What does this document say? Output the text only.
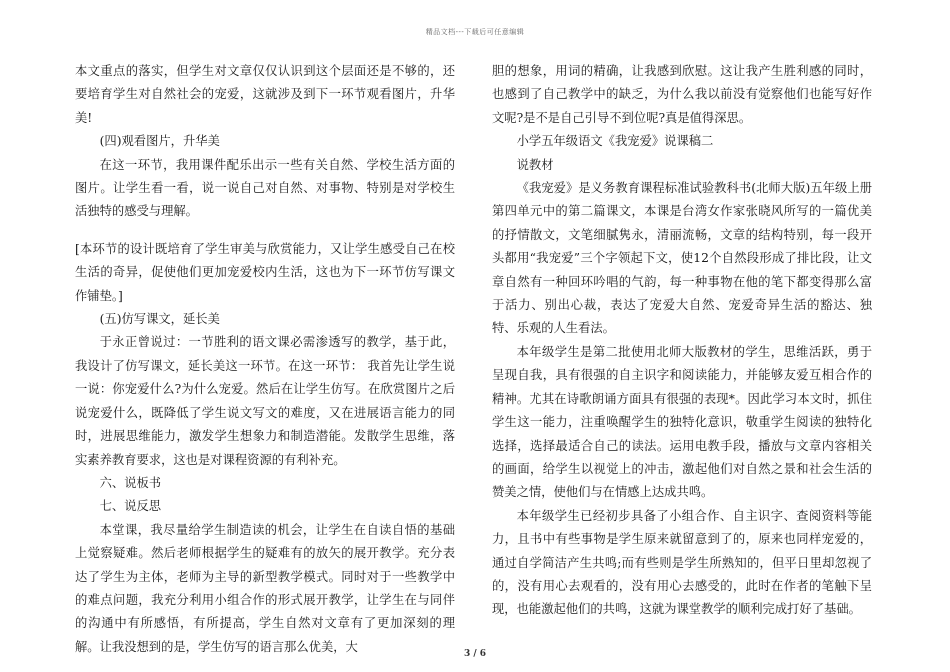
精品文档---下载后可任意编辑

本文重点的落实，但学生对文章仅仅认识到这个层面还是不够的，还要培育学生对自然社会的宠爱，这就涉及到下一环节观看图片，升华美!

(四)观看图片，升华美

在这一环节，我用课件配乐出示一些有关自然、学校生活方面的图片。让学生看一看，说一说自己对自然、对事物、特别是对学校生活独特的感受与理解。

[本环节的设计既培育了学生审美与欣赏能力，又让学生感受自己在校生活的奇异，促使他们更加宠爱校内生活，这也为下一环节仿写课文作铺垫。]

(五)仿写课文，延长美

于永正曾说过：一节胜利的语文课必需渗透写的教学，基于此，我设计了仿写课文，延长美这一环节。在这一环节： 我首先让学生说一说：你宠爱什么?为什么宠爱。然后在让学生仿写。在欣赏图片之后说宠爱什么，既降低了学生说文写文的难度，又在进展语言能力的同时，进展思维能力，激发学生想象力和制造潜能。发散学生思维，落实素养教育要求，这也是对课程资源的有利补充。

六、说板书

七、说反思

本堂课，我尽量给学生制造读的机会，让学生在自读自悟的基础上觉察疑难。然后老师根据学生的疑难有的放矢的展开教学。充分表达了学生为主体，老师为主导的新型教学模式。同时对于一些教学中的难点问题，我充分利用小组合作的形式展开教学，让学生在与同伴的沟通中有所感悟，有所提高，学生自然对文章有了更加深刻的理解。让我没想到的是，学生仿写的语言那么优美，大

胆的想象，用词的精确，让我感到欣慰。这让我产生胜利感的同时，也感到了自己教学中的缺乏，为什么我以前没有觉察他们也能写好作文呢?是不是自己引导不到位呢?真是值得深思。

小学五年级语文《我宠爱》说课稿二

说教材

《我宠爱》是义务教育课程标准试验教科书(北师大版)五年级上册第四单元中的第二篇课文，本课是台湾女作家张晓风所写的一篇优美的抒情散文，文笔细腻隽永，清丽流畅，文章的结构特别，每一段开头都用“我宠爱”三个字领起下文，使12个自然段形成了排比段，让文章自然有一种回环吟唱的气韵，每一种事物在他的笔下都变得那么富于活力、别出心裁，表达了宠爱大自然、宠爱奇异生活的豁达、独特、乐观的人生看法。

本年级学生是第二批使用北师大版教材的学生，思维活跃，勇于呈现自我，具有很强的自主识字和阅读能力，并能够友爱互相合作的精神。尤其在诗歌朗诵方面具有很强的表现*。因此学习本文时，抓住学生这一能力，注重唤醒学生的独特化意识，敬重学生阅读的独特化选择，选择最适合自己的读法。运用电教手段，播放与文章内容相关的画面，给学生以视觉上的冲击，激起他们对自然之景和社会生活的赞美之情，使他们与在情感上达成共鸣。

本年级学生已经初步具备了小组合作、自主识字、查阅资料等能力，且书中有些事物是学生原来就留意到了的，原来也同样宠爱的，通过自学简洁产生共鸣;而有些则是学生所熟知的，但平日里却忽视了的，没有用心去观看的，没有用心去感受的，此时在作者的笔触下呈现，也能激起他们的共鸣，这就为课堂教学的顺利完成打好了基础。

3 / 6
